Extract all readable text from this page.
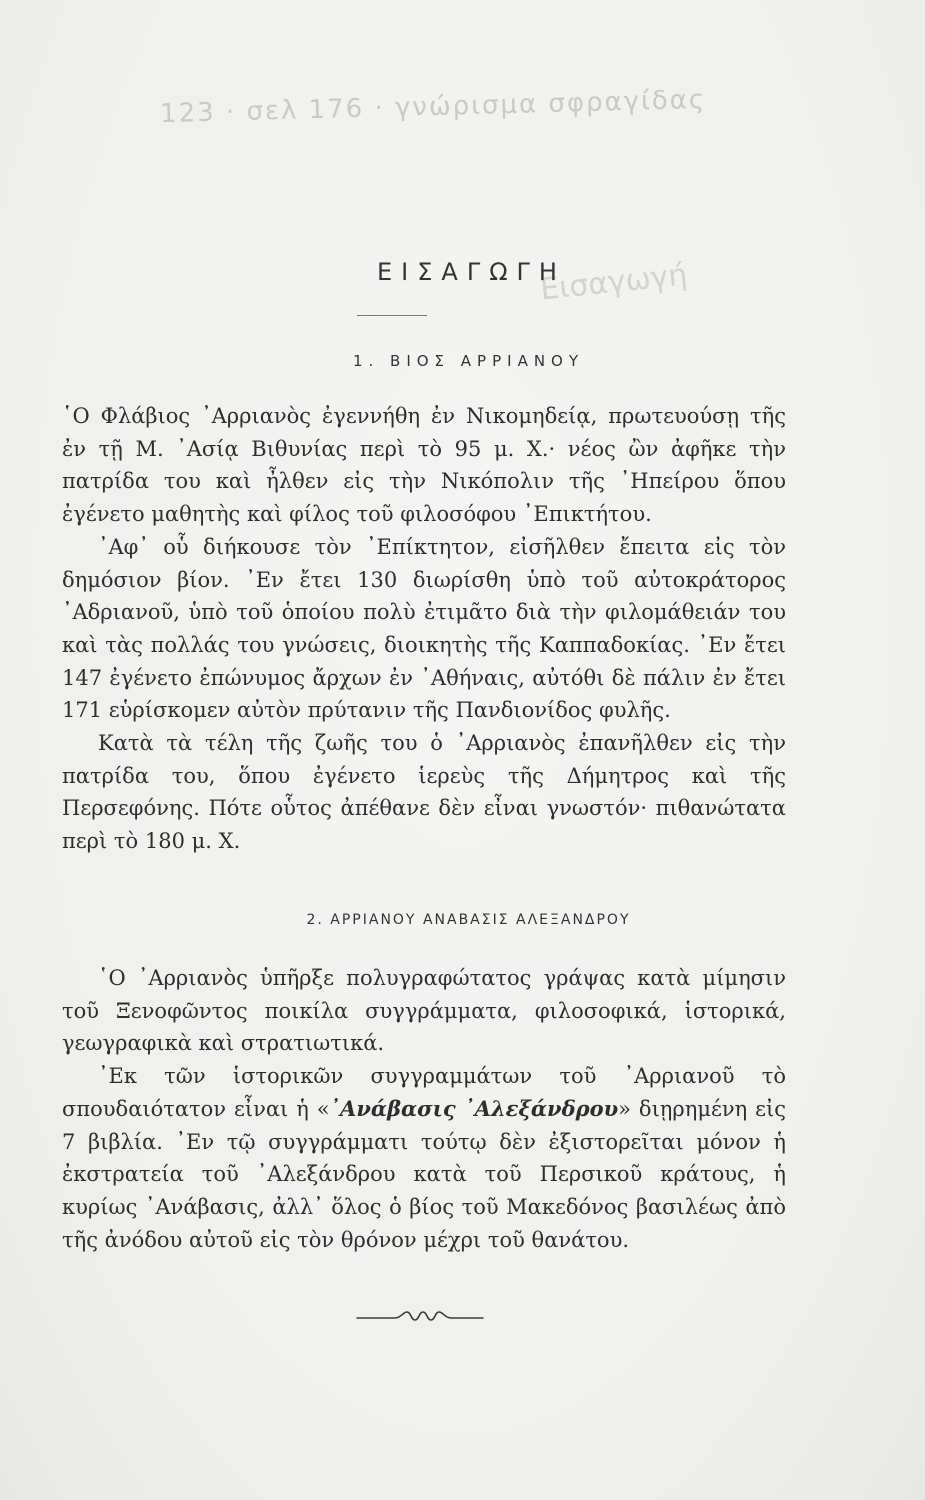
123 · σελ 176 · γνώρισμα σφραγίδας
Εισαγωγή
ΕΙΣΑΓΩΓΗ
1. ΒΙΟΣ ΑΡΡΙΑΝΟΥ

῾Ο Φλάβιος ᾿Αρριανὸς ἐγεννήθη ἐν Νικομηδείᾳ, πρωτευούσῃ τῆς ἐν τῇ Μ. ᾿Ασίᾳ Βιθυνίας περὶ τὸ 95 μ. Χ.· νέος ὢν ἀφῆκε τὴν πατρίδα του καὶ ἦλθεν εἰς τὴν Νικόπολιν τῆς ᾿Ηπείρου ὅπου ἐγένετο μαθητὴς καὶ φίλος τοῦ φιλοσόφου ᾿Επικτήτου.

᾿Αφ᾿ οὗ διήκουσε τὸν ᾿Επίκτητον, εἰσῆλθεν ἔπειτα εἰς τὸν δημόσιον βίον. ᾿Εν ἔτει 130 διωρίσθη ὑπὸ τοῦ αὐτοκράτορος ᾿Αδριανοῦ, ὑπὸ τοῦ ὁποίου πολὺ ἐτιμᾶτο διὰ τὴν φιλομάθειάν του καὶ τὰς πολλάς του γνώσεις, διοικητὴς τῆς Καππαδοκίας. ᾿Εν ἔτει 147 ἐγένετο ἐπώνυμος ἄρχων ἐν ᾿Αθήναις, αὐτόθι δὲ πάλιν ἐν ἔτει 171 εὑρίσκομεν αὐτὸν πρύτανιν τῆς Πανδιονίδος φυλῆς.

Κατὰ τὰ τέλη τῆς ζωῆς του ὁ ᾿Αρριανὸς ἐπανῆλθεν εἰς τὴν πατρίδα του, ὅπου ἐγένετο ἱερεὺς τῆς Δήμητρος καὶ τῆς Περσεφόνης. Πότε οὗτος ἀπέθανε δὲν εἶναι γνωστόν· πιθανώτατα περὶ τὸ 180 μ. Χ.

2. ΑΡΡΙΑΝΟΥ ΑΝΑΒΑΣΙΣ ΑΛΕΞΑΝΔΡΟΥ

῾Ο ᾿Αρριανὸς ὑπῆρξε πολυγραφώτατος γράψας κατὰ μίμησιν τοῦ Ξενοφῶντος ποικίλα συγγράμματα, φιλοσοφικά, ἱστορικά, γεωγραφικὰ καὶ στρατιωτικά.

᾿Εκ τῶν ἱστορικῶν συγγραμμάτων τοῦ ᾿Αρριανοῦ τὸ σπουδαιότατον εἶναι ἡ «᾿Ανάβασις ᾿Αλεξάνδρου» διῃρημένη εἰς 7 βιβλία. ᾿Εν τῷ συγγράμματι τούτῳ δὲν ἐξιστορεῖται μόνον ἡ ἐκστρατεία τοῦ ᾿Αλεξάνδρου κατὰ τοῦ Περσικοῦ κράτους, ἡ κυρίως ᾿Ανάβασις, ἀλλ᾿ ὅλος ὁ βίος τοῦ Μακεδόνος βασιλέως ἀπὸ τῆς ἀνόδου αὐτοῦ εἰς τὸν θρόνον μέχρι τοῦ θανάτου.
